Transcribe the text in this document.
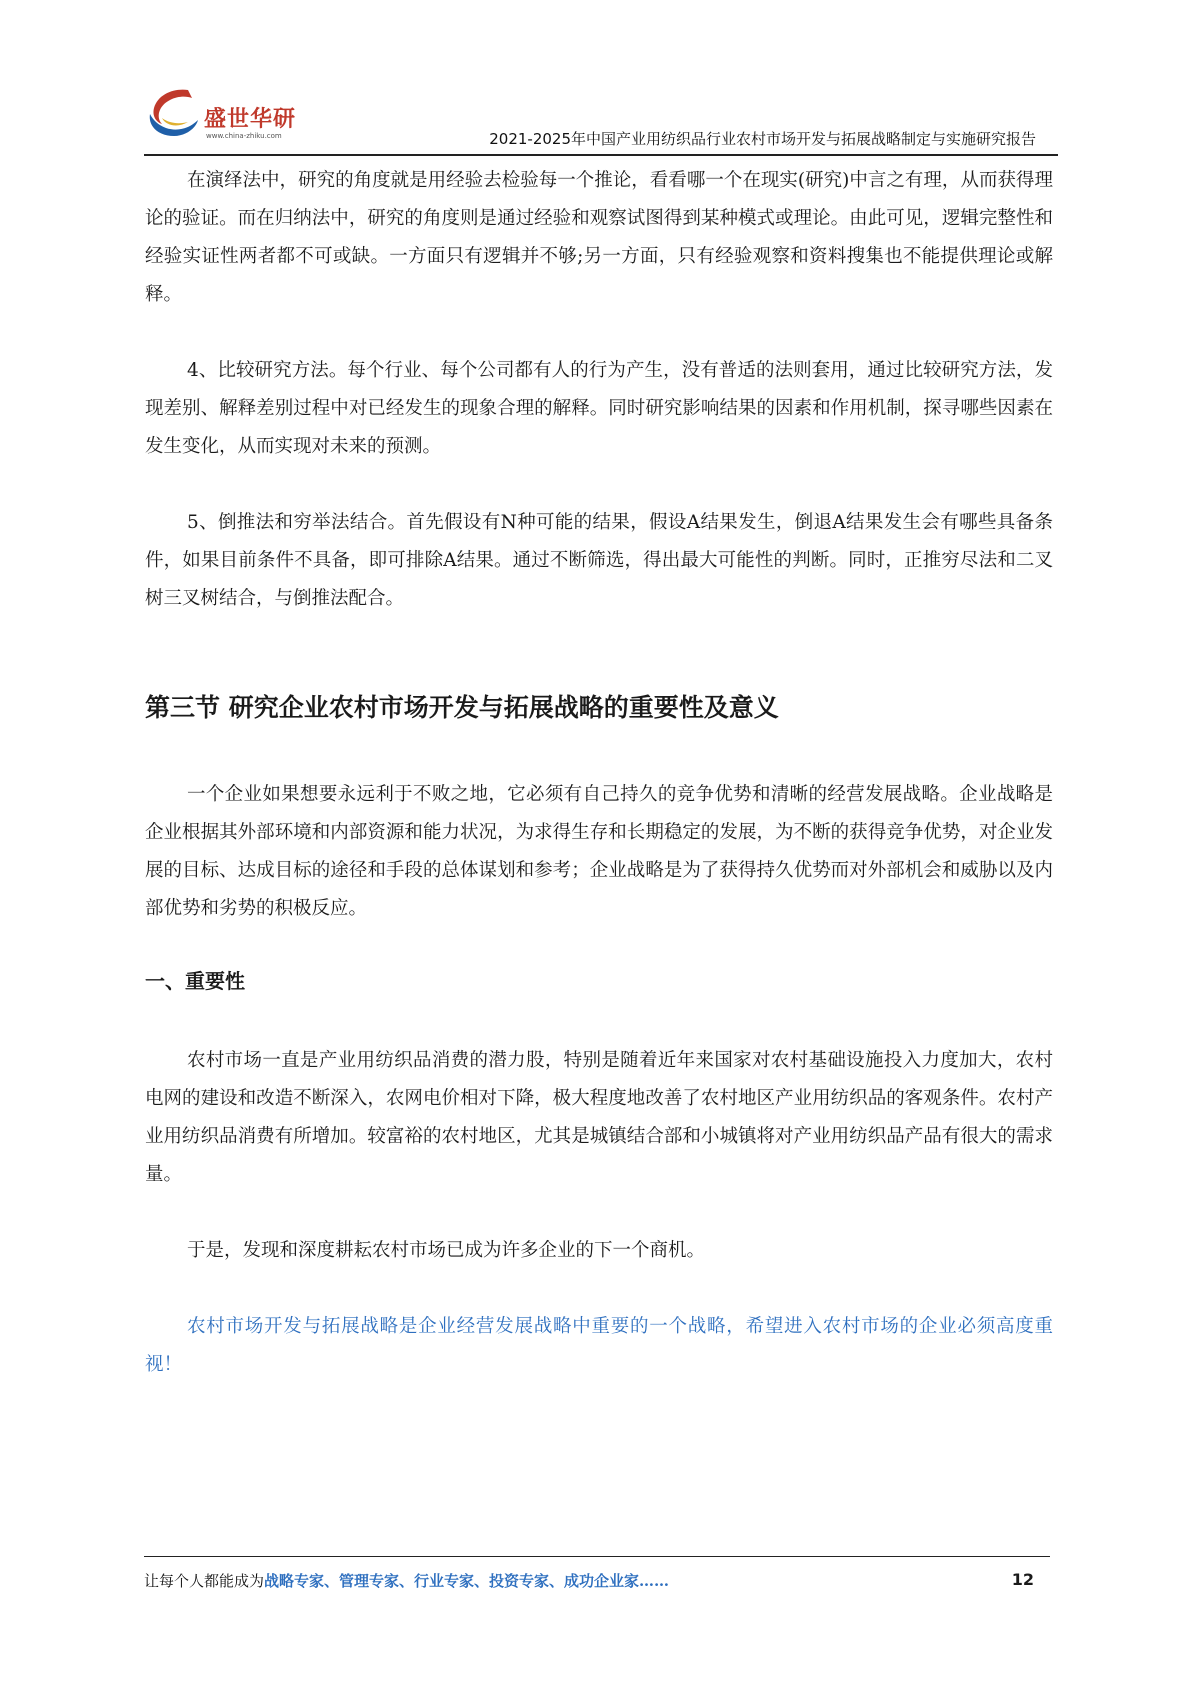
盛世华研
www.china-zhiku.com	2021-2025年中国产业用纺织品行业农村市场开发与拓展战略制定与实施研究报告

在演绎法中，研究的角度就是用经验去检验每一个推论，看看哪一个在现实(研究)中言之有理，从而获得理论的验证。而在归纳法中，研究的角度则是通过经验和观察试图得到某种模式或理论。由此可见，逻辑完整性和经验实证性两者都不可或缺。一方面只有逻辑并不够;另一方面，只有经验观察和资料搜集也不能提供理论或解释。

4、比较研究方法。每个行业、每个公司都有人的行为产生，没有普适的法则套用，通过比较研究方法，发现差别、解释差别过程中对已经发生的现象合理的解释。同时研究影响结果的因素和作用机制，探寻哪些因素在发生变化，从而实现对未来的预测。

5、倒推法和穷举法结合。首先假设有N种可能的结果，假设A结果发生，倒退A结果发生会有哪些具备条件，如果目前条件不具备，即可排除A结果。通过不断筛选，得出最大可能性的判断。同时，正推穷尽法和二叉树三叉树结合，与倒推法配合。

第三节 研究企业农村市场开发与拓展战略的重要性及意义

一个企业如果想要永远利于不败之地，它必须有自己持久的竞争优势和清晰的经营发展战略。企业战略是企业根据其外部环境和内部资源和能力状况，为求得生存和长期稳定的发展，为不断的获得竞争优势，对企业发展的目标、达成目标的途径和手段的总体谋划和参考；企业战略是为了获得持久优势而对外部机会和威胁以及内部优势和劣势的积极反应。

一、重要性

农村市场一直是产业用纺织品消费的潜力股，特别是随着近年来国家对农村基础设施投入力度加大，农村电网的建设和改造不断深入，农网电价相对下降，极大程度地改善了农村地区产业用纺织品的客观条件。农村产业用纺织品消费有所增加。较富裕的农村地区，尤其是城镇结合部和小城镇将对产业用纺织品产品有很大的需求量。

于是，发现和深度耕耘农村市场已成为许多企业的下一个商机。

农村市场开发与拓展战略是企业经营发展战略中重要的一个战略，希望进入农村市场的企业必须高度重视！

让每个人都能成为战略专家、管理专家、行业专家、投资专家、成功企业家……	12
